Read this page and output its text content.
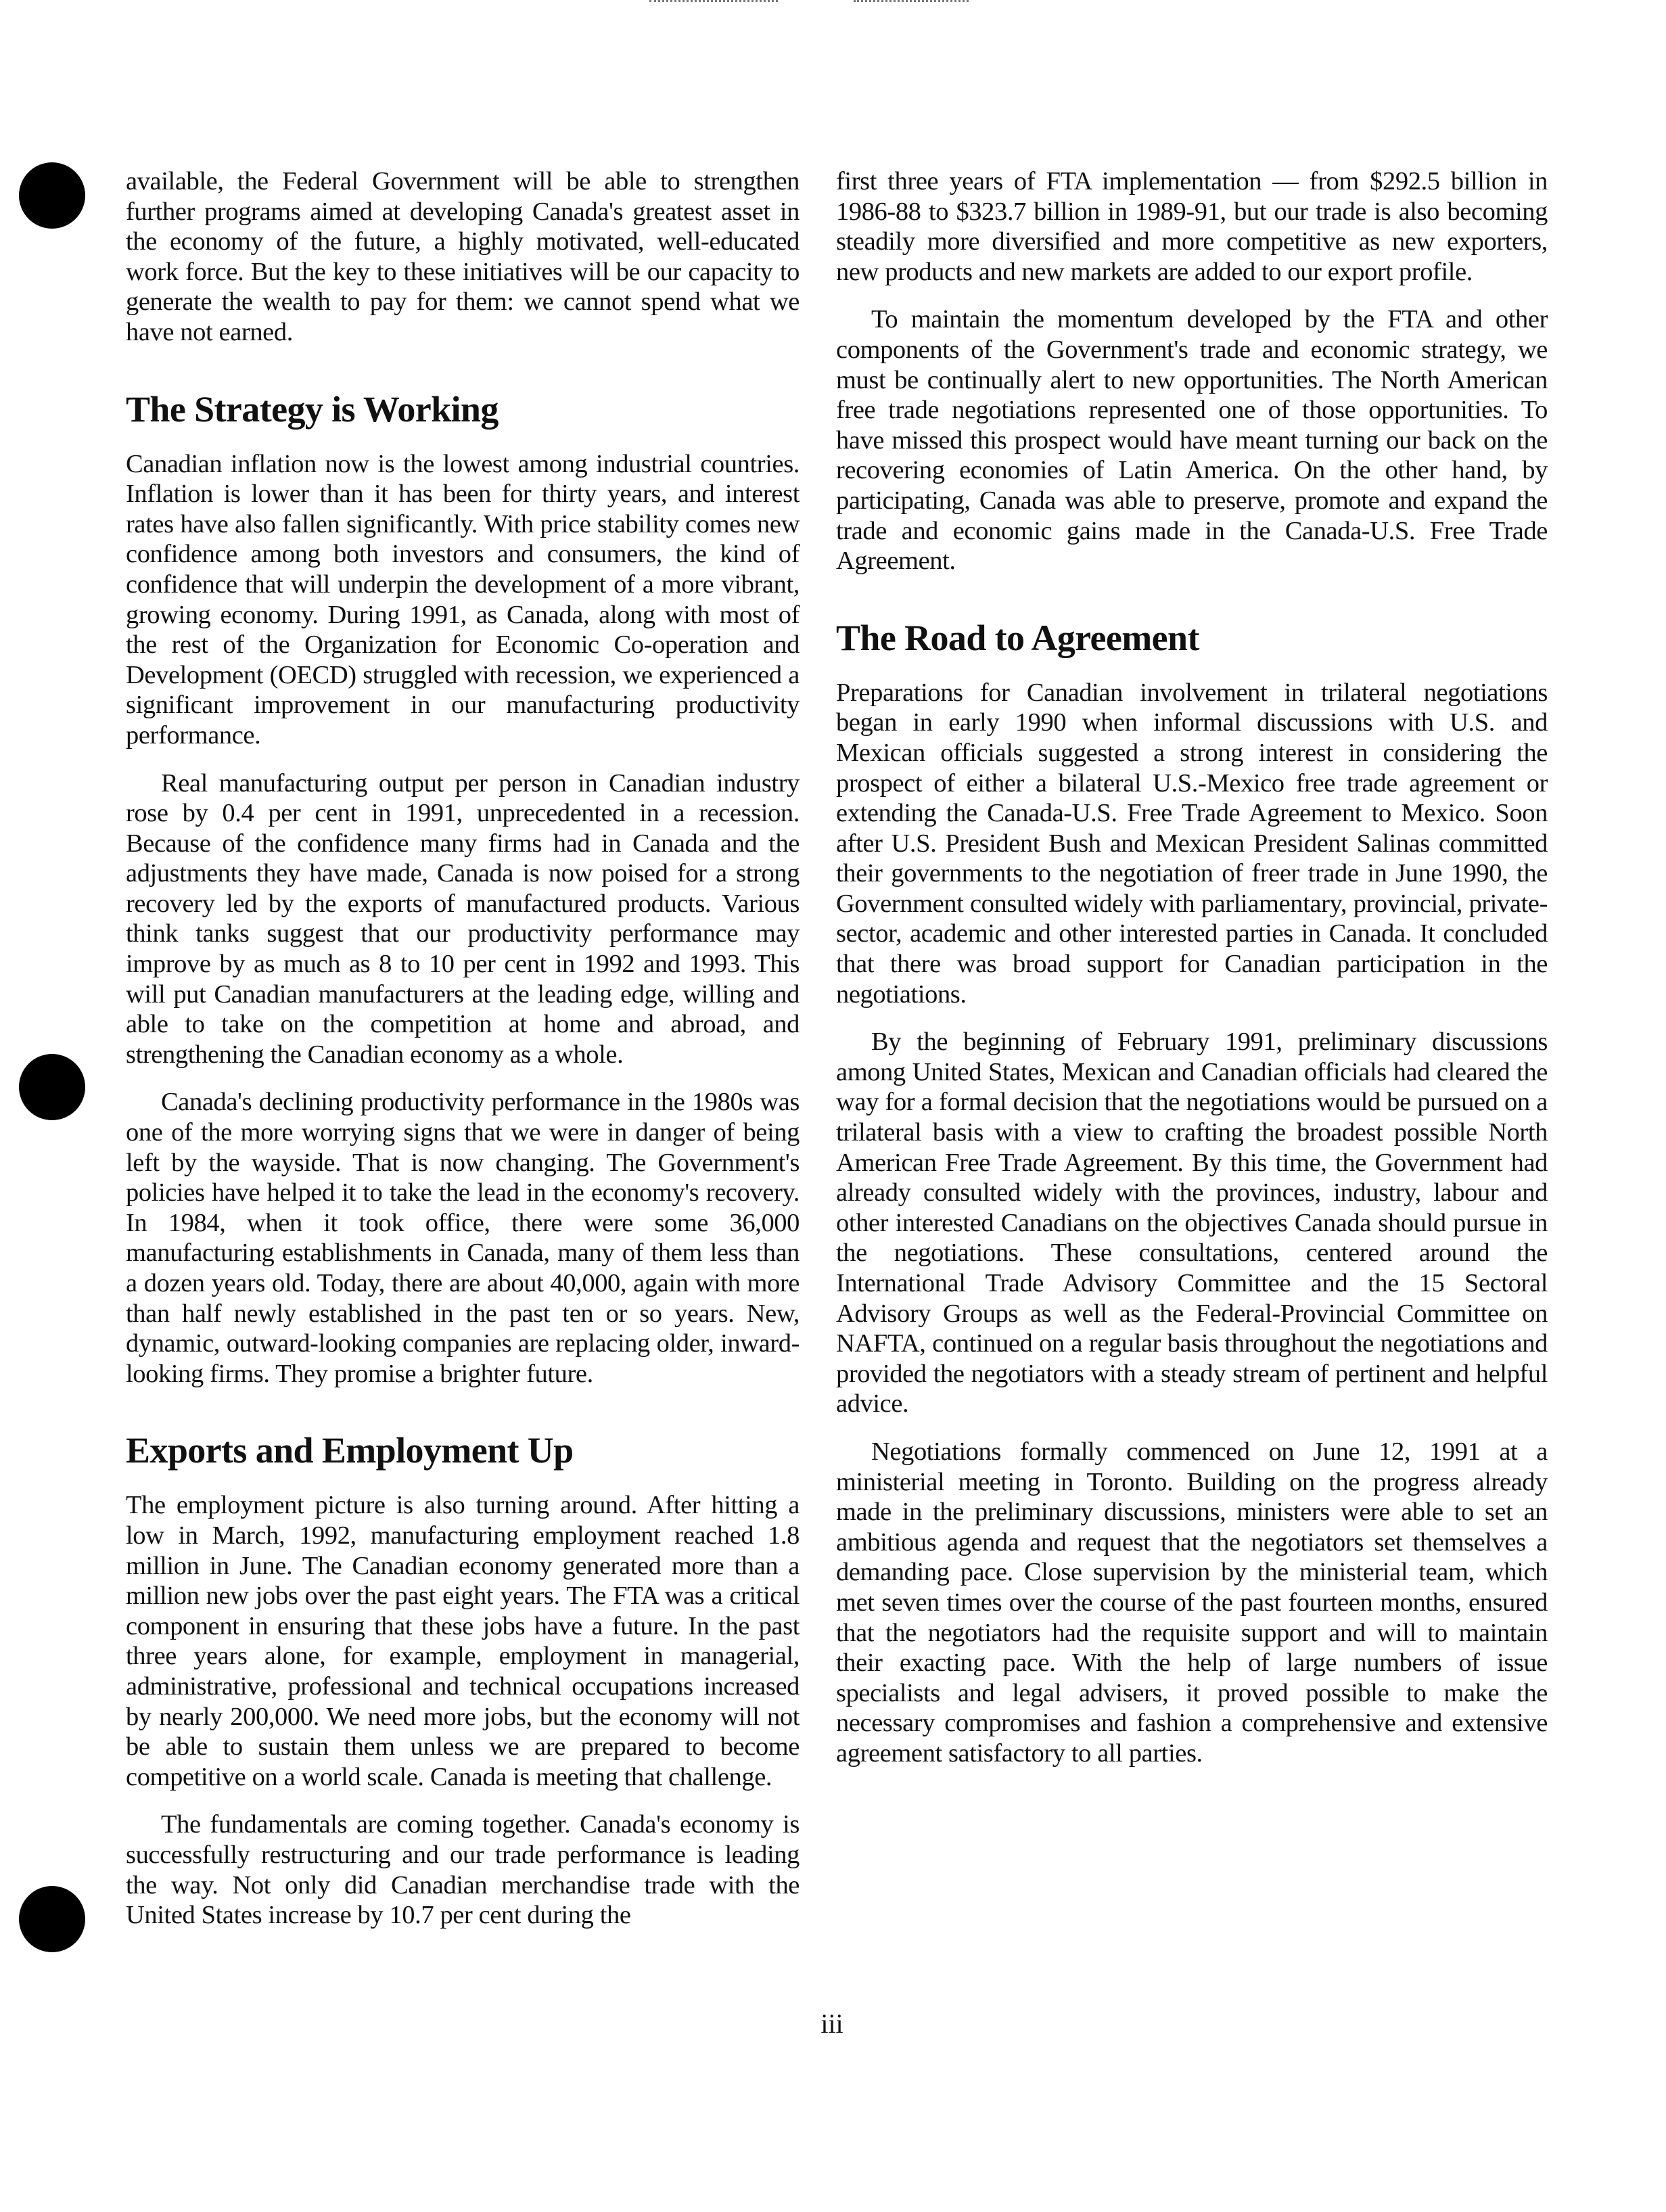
available, the Federal Government will be able to strengthen further programs aimed at developing Canada's greatest asset in the economy of the future, a highly motivated, well-educated work force. But the key to these initiatives will be our capacity to generate the wealth to pay for them: we cannot spend what we have not earned.

The Strategy is Working

Canadian inflation now is the lowest among industrial countries. Inflation is lower than it has been for thirty years, and interest rates have also fallen significantly. With price stability comes new confidence among both investors and consumers, the kind of confidence that will underpin the development of a more vibrant, growing economy. During 1991, as Canada, along with most of the rest of the Organization for Economic Co-operation and Development (OECD) struggled with recession, we experienced a significant improvement in our manufacturing productivity performance.

Real manufacturing output per person in Canadian industry rose by 0.4 per cent in 1991, unprecedented in a recession. Because of the confidence many firms had in Canada and the adjustments they have made, Canada is now poised for a strong recovery led by the exports of manufactured products. Various think tanks suggest that our productivity performance may improve by as much as 8 to 10 per cent in 1992 and 1993. This will put Canadian manufacturers at the leading edge, willing and able to take on the competition at home and abroad, and strengthening the Canadian economy as a whole.

Canada's declining productivity performance in the 1980s was one of the more worrying signs that we were in danger of being left by the wayside. That is now changing. The Government's policies have helped it to take the lead in the economy's recovery. In 1984, when it took office, there were some 36,000 manufacturing establishments in Canada, many of them less than a dozen years old. Today, there are about 40,000, again with more than half newly established in the past ten or so years. New, dynamic, outward-looking companies are replacing older, inward-looking firms. They promise a brighter future.

Exports and Employment Up

The employment picture is also turning around. After hitting a low in March, 1992, manufacturing employment reached 1.8 million in June. The Canadian economy generated more than a million new jobs over the past eight years. The FTA was a critical component in ensuring that these jobs have a future. In the past three years alone, for example, employment in managerial, administrative, professional and technical occupations increased by nearly 200,000. We need more jobs, but the economy will not be able to sustain them unless we are prepared to become competitive on a world scale. Canada is meeting that challenge.

The fundamentals are coming together. Canada's economy is successfully restructuring and our trade performance is leading the way. Not only did Canadian merchandise trade with the United States increase by 10.7 per cent during the

first three years of FTA implementation — from $292.5 billion in 1986-88 to $323.7 billion in 1989-91, but our trade is also becoming steadily more diversified and more competitive as new exporters, new products and new markets are added to our export profile.

To maintain the momentum developed by the FTA and other components of the Government's trade and economic strategy, we must be continually alert to new opportunities. The North American free trade negotiations represented one of those opportunities. To have missed this prospect would have meant turning our back on the recovering economies of Latin America. On the other hand, by participating, Canada was able to preserve, promote and expand the trade and economic gains made in the Canada-U.S. Free Trade Agreement.

The Road to Agreement

Preparations for Canadian involvement in trilateral negotiations began in early 1990 when informal discussions with U.S. and Mexican officials suggested a strong interest in considering the prospect of either a bilateral U.S.-Mexico free trade agreement or extending the Canada-U.S. Free Trade Agreement to Mexico. Soon after U.S. President Bush and Mexican President Salinas committed their governments to the negotiation of freer trade in June 1990, the Government consulted widely with parliamentary, provincial, private-sector, academic and other interested parties in Canada. It concluded that there was broad support for Canadian participation in the negotiations.

By the beginning of February 1991, preliminary discussions among United States, Mexican and Canadian officials had cleared the way for a formal decision that the negotiations would be pursued on a trilateral basis with a view to crafting the broadest possible North American Free Trade Agreement. By this time, the Government had already consulted widely with the provinces, industry, labour and other interested Canadians on the objectives Canada should pursue in the negotiations. These consultations, centered around the International Trade Advisory Committee and the 15 Sectoral Advisory Groups as well as the Federal-Provincial Committee on NAFTA, continued on a regular basis throughout the negotiations and provided the negotiators with a steady stream of pertinent and helpful advice.

Negotiations formally commenced on June 12, 1991 at a ministerial meeting in Toronto. Building on the progress already made in the preliminary discussions, ministers were able to set an ambitious agenda and request that the negotiators set themselves a demanding pace. Close supervision by the ministerial team, which met seven times over the course of the past fourteen months, ensured that the negotiators had the requisite support and will to maintain their exacting pace. With the help of large numbers of issue specialists and legal advisers, it proved possible to make the necessary compromises and fashion a comprehensive and extensive agreement satisfactory to all parties.

iii
